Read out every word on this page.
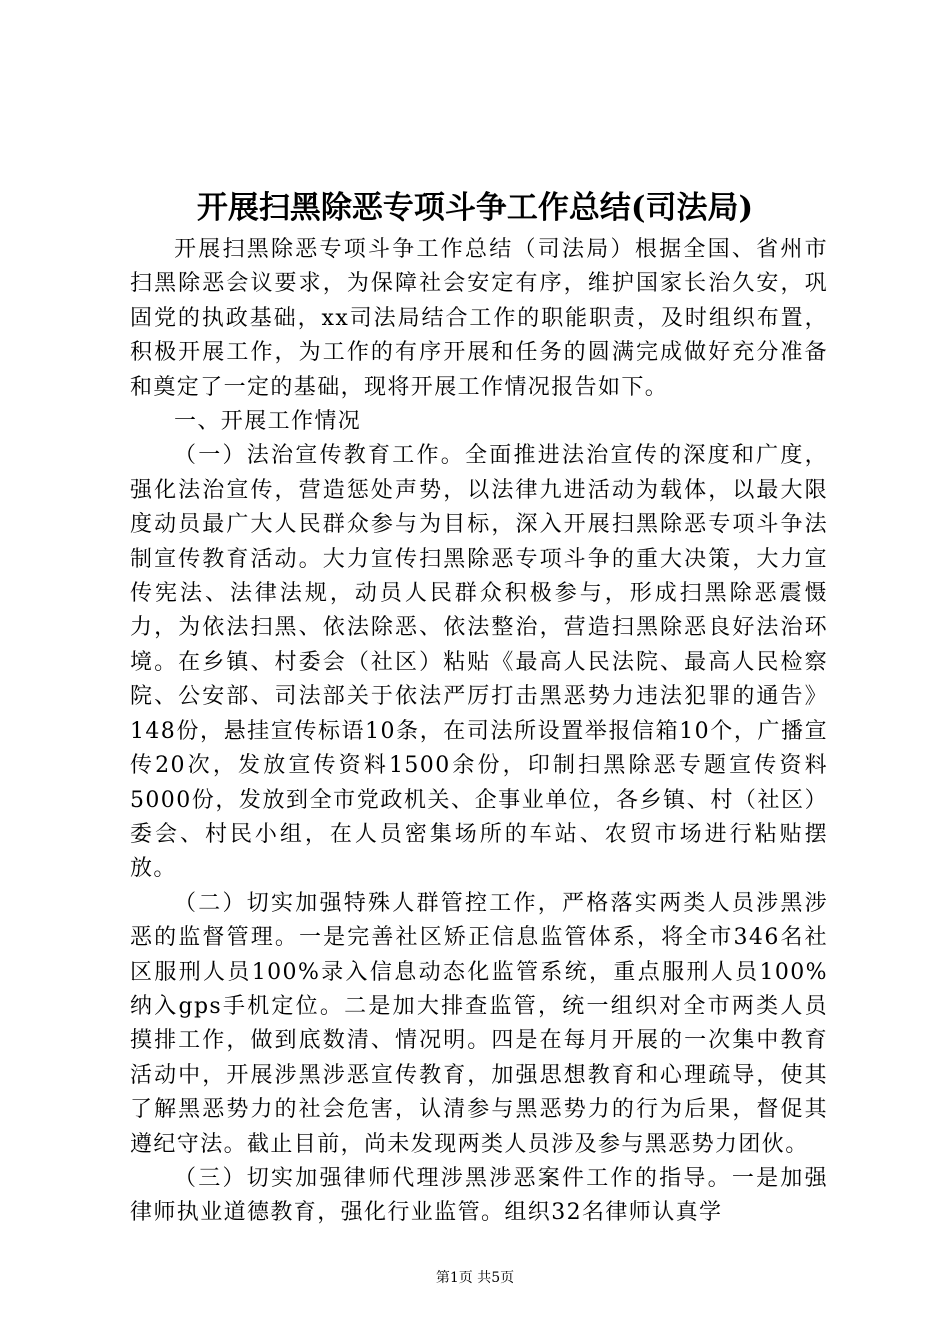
开展扫黑除恶专项斗争工作总结(司法局)

开展扫黑除恶专项斗争工作总结（司法局）根据全国、省州市扫黑除恶会议要求，为保障社会安定有序，维护国家长治久安，巩固党的执政基础，xx司法局结合工作的职能职责，及时组织布置，积极开展工作，为工作的有序开展和任务的圆满完成做好充分准备和奠定了一定的基础，现将开展工作情况报告如下。

一、开展工作情况

（一）法治宣传教育工作。全面推进法治宣传的深度和广度，强化法治宣传，营造惩处声势，以法律九进活动为载体，以最大限度动员最广大人民群众参与为目标，深入开展扫黑除恶专项斗争法制宣传教育活动。大力宣传扫黑除恶专项斗争的重大决策，大力宣传宪法、法律法规，动员人民群众积极参与，形成扫黑除恶震慑力，为依法扫黑、依法除恶、依法整治，营造扫黑除恶良好法治环境。在乡镇、村委会（社区）粘贴《最高人民法院、最高人民检察院、公安部、司法部关于依法严厉打击黑恶势力违法犯罪的通告》148份，悬挂宣传标语10条，在司法所设置举报信箱10个，广播宣传20次，发放宣传资料1500余份，印制扫黑除恶专题宣传资料5000份，发放到全市党政机关、企事业单位，各乡镇、村（社区）委会、村民小组，在人员密集场所的车站、农贸市场进行粘贴摆放。

（二）切实加强特殊人群管控工作，严格落实两类人员涉黑涉恶的监督管理。一是完善社区矫正信息监管体系，将全市346名社区服刑人员100%录入信息动态化监管系统，重点服刑人员100%纳入gps手机定位。二是加大排查监管，统一组织对全市两类人员摸排工作，做到底数清、情况明。四是在每月开展的一次集中教育活动中，开展涉黑涉恶宣传教育，加强思想教育和心理疏导，使其了解黑恶势力的社会危害，认清参与黑恶势力的行为后果，督促其遵纪守法。截止目前，尚未发现两类人员涉及参与黑恶势力团伙。

（三）切实加强律师代理涉黑涉恶案件工作的指导。一是加强律师执业道德教育，强化行业监管。组织32名律师认真学

第1页 共5页
